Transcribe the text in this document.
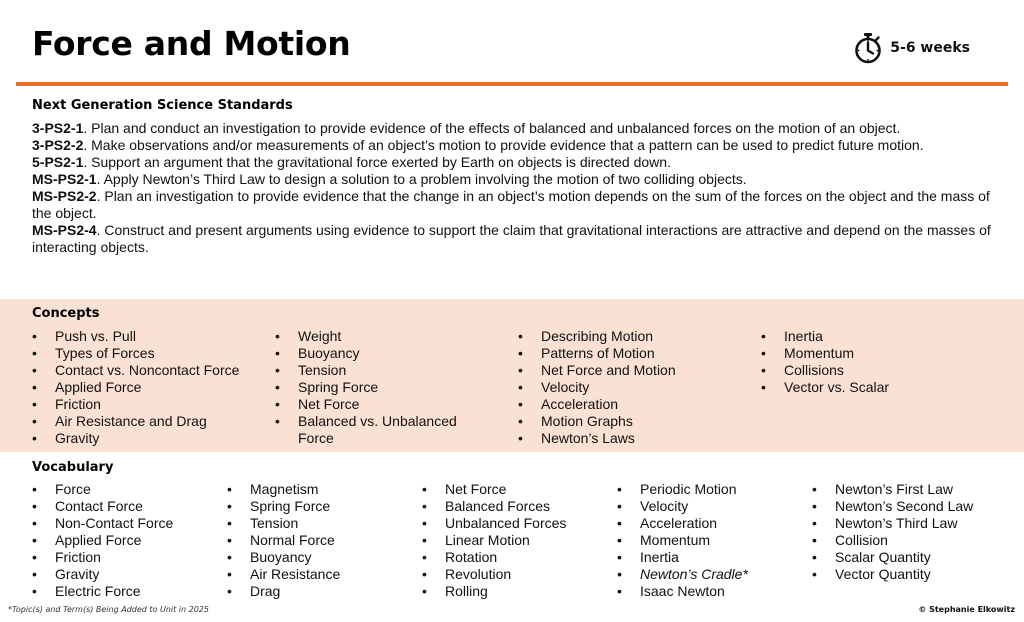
Force and Motion	5-6 weeks
Next Generation Science Standards
3-PS2-1. Plan and conduct an investigation to provide evidence of the effects of balanced and unbalanced forces on the motion of an object.
3-PS2-2. Make observations and/or measurements of an object’s motion to provide evidence that a pattern can be used to predict future motion.
5-PS2-1. Support an argument that the gravitational force exerted by Earth on objects is directed down.
MS-PS2-1. Apply Newton’s Third Law to design a solution to a problem involving the motion of two colliding objects.
MS-PS2-2. Plan an investigation to provide evidence that the change in an object’s motion depends on the sum of the forces on the object and the mass of the object.
MS-PS2-4. Construct and present arguments using evidence to support the claim that gravitational interactions are attractive and depend on the masses of interacting objects.
Concepts
• Push vs. Pull
• Types of Forces
• Contact vs. Noncontact Force
• Applied Force
• Friction
• Air Resistance and Drag
• Gravity
• Weight
• Buoyancy
• Tension
• Spring Force
• Net Force
• Balanced vs. Unbalanced Force
• Describing Motion
• Patterns of Motion
• Net Force and Motion
• Velocity
• Acceleration
• Motion Graphs
• Newton’s Laws
• Inertia
• Momentum
• Collisions
• Vector vs. Scalar
Vocabulary
• Force
• Contact Force
• Non-Contact Force
• Applied Force
• Friction
• Gravity
• Electric Force
• Magnetism
• Spring Force
• Tension
• Normal Force
• Buoyancy
• Air Resistance
• Drag
• Net Force
• Balanced Forces
• Unbalanced Forces
• Linear Motion
• Rotation
• Revolution
• Rolling
• Periodic Motion
• Velocity
• Acceleration
• Momentum
• Inertia
• Newton’s Cradle*
• Isaac Newton
• Newton’s First Law
• Newton’s Second Law
• Newton’s Third Law
• Collision
• Scalar Quantity
• Vector Quantity
*Topic(s) and Term(s) Being Added to Unit in 2025	© Stephanie Elkowitz
